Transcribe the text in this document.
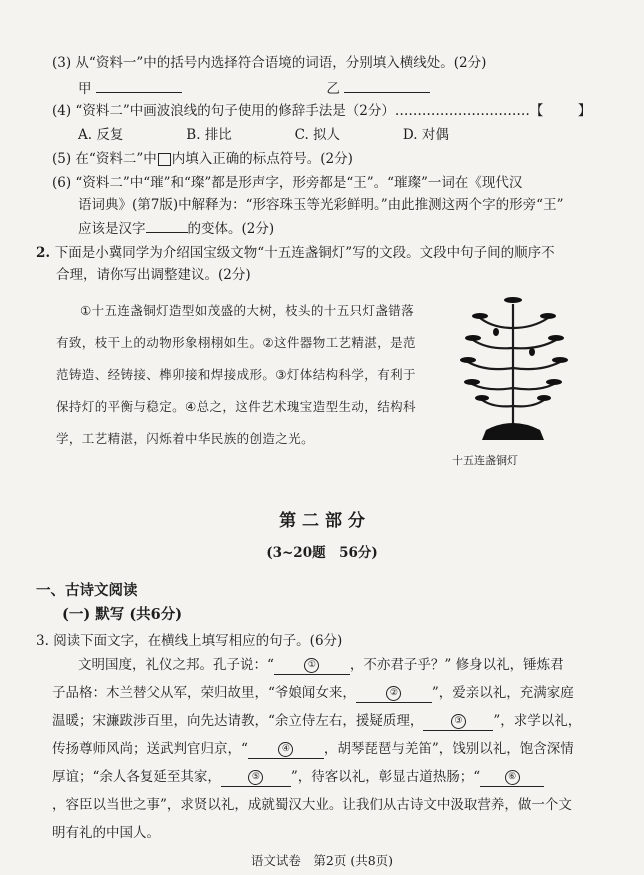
(3) 从“资料一”中的括号内选择符合语境的词语，分别填入横线处。(2分)
甲	乙
(4) “资料二”中画波浪线的句子使用的修辞手法是（2分）…………………………【	】
A. 反复	B. 排比	C. 拟人	D. 对偶
(5) 在“资料二”中 内填入正确的标点符号。(2分)
(6) “资料二”中“璀”和“璨”都是形声字，形旁都是“王”。“璀璨”一词在《现代汉
语词典》(第7版)中解释为：“形容珠玉等光彩鲜明。”由此推测这两个字的形旁“王”
应该是汉字	的变体。(2分)
2. 下面是小冀同学为介绍国宝级文物“十五连盏铜灯”写的文段。文段中句子间的顺序不
合理，请你写出调整建议。(2分)
①十五连盏铜灯造型如茂盛的大树，枝头的十五只灯盏错落
有致，枝干上的动物形象栩栩如生。②这件器物工艺精湛，是范
范铸造、经铸接、榫卯接和焊接成形。③灯体结构科学，有利于
保持灯的平衡与稳定。④总之，这件艺术瑰宝造型生动，结构科
学，工艺精湛，闪烁着中华民族的创造之光。
十五连盏铜灯
第 二 部 分
(3~20题　56分)
一、古诗文阅读
(一) 默写 (共6分)
3. 阅读下面文字，在横线上填写相应的句子。(6分)
文明国度，礼仪之邦。孔子说：“	①	，不亦君子乎？” 修身以礼，锤炼君
子品格：木兰替父从军，荣归故里，“爷娘闻女来，	②	”，爱亲以礼，充满家庭
温暖；宋濂跋涉百里，向先达请教，“余立侍左右，援疑质理，	③ ”，求学以礼，
传扬尊师风尚；送武判官归京，“	④	，胡琴琵琶与羌笛”，饯别以礼，饱含深情
厚谊；“余人各复延至其家，	⑤ ”，待客以礼，彰显古道热肠；“	⑥
，容臣以当世之事”，求贤以礼，成就蜀汉大业。让我们从古诗文中汲取营养，做一个文
明有礼的中国人。
语文试卷　第2页 (共8页)
